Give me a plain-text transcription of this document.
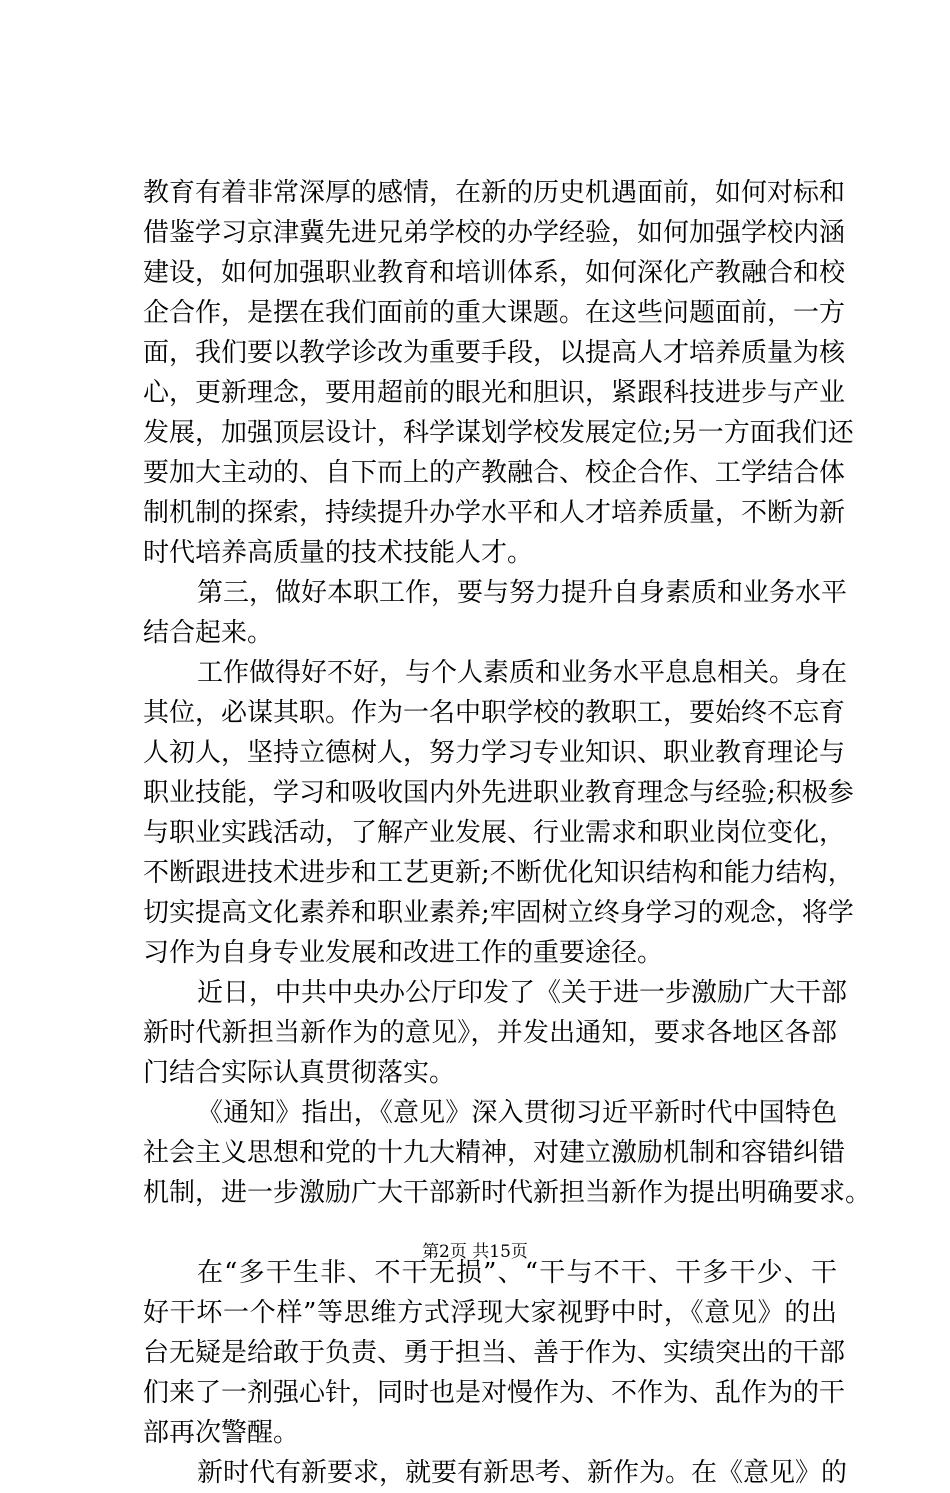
教育有着非常深厚的感情，在新的历史机遇面前，如何对标和
借鉴学习京津冀先进兄弟学校的办学经验，如何加强学校内涵
建设，如何加强职业教育和培训体系，如何深化产教融合和校
企合作，是摆在我们面前的重大课题。在这些问题面前，一方
面，我们要以教学诊改为重要手段，以提高人才培养质量为核
心，更新理念，要用超前的眼光和胆识，紧跟科技进步与产业
发展，加强顶层设计，科学谋划学校发展定位;另一方面我们还
要加大主动的、自下而上的产教融合、校企合作、工学结合体
制机制的探索，持续提升办学水平和人才培养质量，不断为新
时代培养高质量的技术技能人才。
第三，做好本职工作，要与努力提升自身素质和业务水平
结合起来。
工作做得好不好，与个人素质和业务水平息息相关。身在
其位，必谋其职。作为一名中职学校的教职工，要始终不忘育
人初人，坚持立德树人，努力学习专业知识、职业教育理论与
职业技能，学习和吸收国内外先进职业教育理念与经验;积极参
与职业实践活动，了解产业发展、行业需求和职业岗位变化，
不断跟进技术进步和工艺更新;不断优化知识结构和能力结构，
切实提高文化素养和职业素养;牢固树立终身学习的观念，将学
习作为自身专业发展和改进工作的重要途径。
近日，中共中央办公厅印发了《关于进一步激励广大干部
新时代新担当新作为的意见》，并发出通知，要求各地区各部
门结合实际认真贯彻落实。
《通知》指出，《意见》深入贯彻习近平新时代中国特色
社会主义思想和党的十九大精神，对建立激励机制和容错纠错
机制，进一步激励广大干部新时代新担当新作为提出明确要求。
在“多干生非、不干无损”、“干与不干、干多干少、干
好干坏一个样”等思维方式浮现大家视野中时，《意见》的出
台无疑是给敢于负责、勇于担当、善于作为、实绩突出的干部
们来了一剂强心针，同时也是对慢作为、不作为、乱作为的干
部再次警醒。
新时代有新要求，就要有新思考、新作为。在《意见》的
第2页 共15页
